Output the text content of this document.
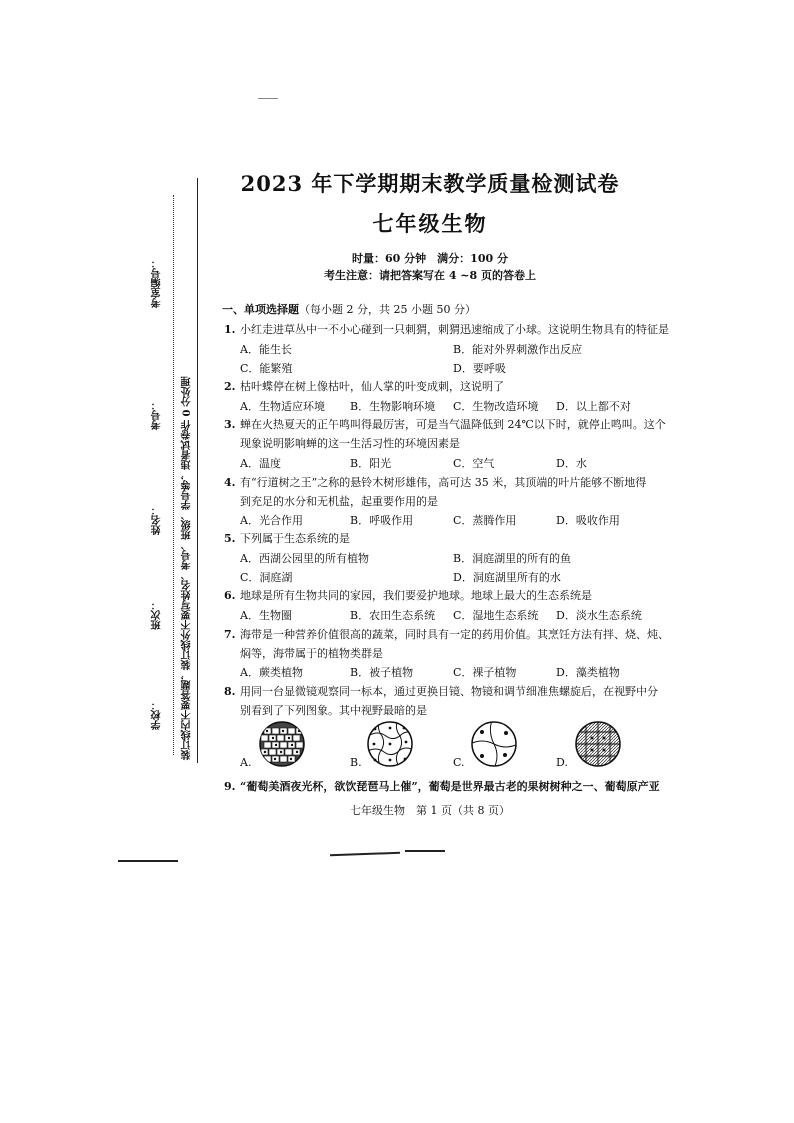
2023 年下学期期末教学质量检测试卷
七年级生物
时量：60 分钟　满分：100 分
考生注意：请把答案写在 4 ~8 页的答卷上
装订线内不要答题，装订线外不要写姓名、考号、班级、学号等，违者试卷作 0 分处理
考室编号：
考号：
姓名：
班次：
学校：
一、单项选择题（每小题 2 分，共 25 小题 50 分）
1. 小红走进草丛中一不小心碰到一只刺猬，刺猬迅速缩成了小球。这说明生物具有的特征是
A．能生长	B．能对外界刺激作出反应
C．能繁殖	D．要呼吸
2. 枯叶蝶停在树上像枯叶，仙人掌的叶变成刺，这说明了
A．生物适应环境 B．生物影响环境 C．生物改造环境 D．以上都不对
3. 蝉在火热夏天的正午鸣叫得最厉害，可是当气温降低到 24℃以下时，就停止鸣叫。这个
现象说明影响蝉的这一生活习性的环境因素是
A．温度	B．阳光	C．空气	D．水
4. 有“行道树之王”之称的悬铃木树形雄伟，高可达 35 米，其顶端的叶片能够不断地得
到充足的水分和无机盐，起重要作用的是
A．光合作用	B．呼吸作用	C．蒸腾作用	D．吸收作用
5. 下列属于生态系统的是
A．西湖公园里的所有植物	B．洞庭湖里的所有的鱼
C．洞庭湖	D．洞庭湖里所有的水
6. 地球是所有生物共同的家园，我们要爱护地球。地球上最大的生态系统是
A．生物圈	B．农田生态系统 C．湿地生态系统 D．淡水生态系统
7. 海带是一种营养价值很高的蔬菜，同时具有一定的药用价值。其烹饪方法有拌、烧、炖、
焖等，海带属于的植物类群是
A．蕨类植物	B．被子植物	C．裸子植物	D．藻类植物
8. 用同一台显微镜观察同一标本，通过更换目镜、物镜和调节细准焦螺旋后，在视野中分
别看到了下列图象。其中视野最暗的是
A.	B.	C.	D.
9. “葡萄美酒夜光杯，欲饮琵琶马上催”，葡萄是世界最古老的果树树种之一、葡萄原产亚
七年级生物　第 1 页（共 8 页）
